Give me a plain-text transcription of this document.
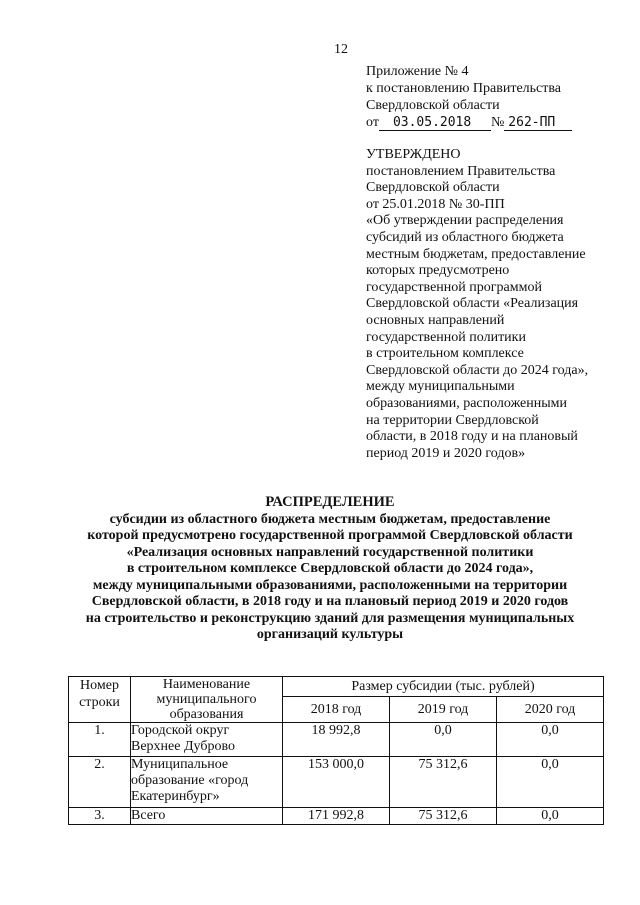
12
Приложение № 4
к постановлению Правительства
Свердловской области
от 03.05.2018 № 262-ПП
УТВЕРЖДЕНО
постановлением Правительства
Свердловской области
от 25.01.2018 № 30-ПП
«Об утверждении распределения
субсидий из областного бюджета
местным бюджетам, предоставление
которых предусмотрено
государственной программой
Свердловской области «Реализация
основных направлений
государственной политики
в строительном комплексе
Свердловской области до 2024 года»,
между муниципальными
образованиями, расположенными
на территории Свердловской
области, в 2018 году и на плановый
период 2019 и 2020 годов»
РАСПРЕДЕЛЕНИЕ
субсидии из областного бюджета местным бюджетам, предоставление
которой предусмотрено государственной программой Свердловской области
«Реализация основных направлений государственной политики
в строительном комплексе Свердловской области до 2024 года»,
между муниципальными образованиями, расположенными на территории
Свердловской области, в 2018 году и на плановый период 2019 и 2020 годов
на строительство и реконструкцию зданий для размещения муниципальных
организаций культуры
Номер строки	Наименование муниципального образования	Размер субсидии (тыс. рублей)		
		2018 год	2019 год	2020 год
1.	Городской округ Верхнее Дуброво	18 992,8	0,0	0,0
2.	Муниципальное образование «город Екатеринбург»	153 000,0	75 312,6	0,0
3.	Всего	171 992,8	75 312,6	0,0
